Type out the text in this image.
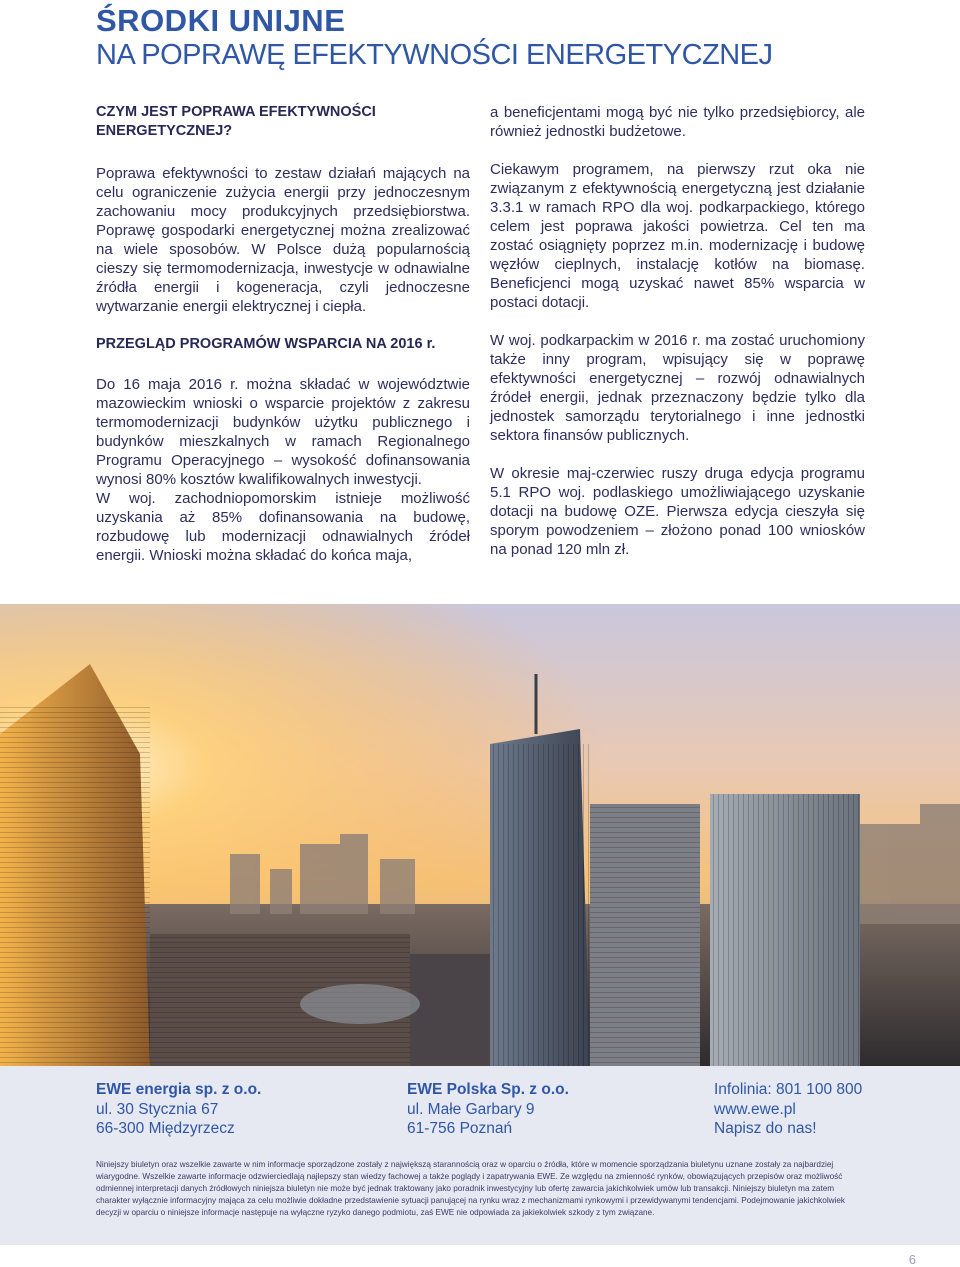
ŚRODKI UNIJNE
NA POPRAWĘ EFEKTYWNOŚCI ENERGETYCZNEJ
CZYM JEST POPRAWA EFEKTYWNOŚCI ENERGETYCZNEJ?

Poprawa efektywności to zestaw działań mających na celu ograniczenie zużycia energii przy jednoczesnym zachowaniu mocy produkcyjnych przedsiębiorstwa. Poprawę gospodarki energetycznej można zrealizować na wiele sposobów. W Polsce dużą popularnością cieszy się termomodernizacja, inwestycje w odnawialne źródła energii i kogeneracja, czyli jednoczesne wytwarzanie energii elektrycznej i ciepła.

PRZEGLĄD PROGRAMÓW WSPARCIA NA 2016 r.

Do 16 maja 2016 r. można składać w województwie mazowieckim wnioski o wsparcie projektów z zakresu termomodernizacji budynków użytku publicznego i budynków mieszkalnych w ramach Regionalnego Programu Operacyjnego – wysokość dofinansowania wynosi 80% kosztów kwalifikowalnych inwestycji.

W woj. zachodniopomorskim istnieje możliwość uzyskania aż 85% dofinansowania na budowę, rozbudowę lub modernizacji odnawialnych źródeł energii. Wnioski można składać do końca maja,

a beneficjentami mogą być nie tylko przedsiębiorcy, ale również jednostki budżetowe.

Ciekawym programem, na pierwszy rzut oka nie związanym z efektywnością energetyczną jest działanie 3.3.1 w ramach RPO dla woj. podkarpackiego, którego celem jest poprawa jakości powietrza. Cel ten ma zostać osiągnięty poprzez m.in. modernizację i budowę węzłów cieplnych, instalację kotłów na biomasę. Beneficjenci mogą uzyskać nawet 85% wsparcia w postaci dotacji.

W woj. podkarpackim w 2016 r. ma zostać uruchomiony także inny program, wpisujący się w poprawę efektywności energetycznej – rozwój odnawialnych źródeł energii, jednak przeznaczony będzie tylko dla jednostek samorządu terytorialnego i inne jednostki sektora finansów publicznych.

W okresie maj-czerwiec ruszy druga edycja programu 5.1 RPO woj. podlaskiego umożliwiającego uzyskanie dotacji na budowę OZE. Pierwsza edycja cieszyła się sporym powodzeniem – złożono ponad 100 wniosków na ponad 120 mln zł.

EWE energia sp. z o.o.
ul. 30 Stycznia 67
66-300 Międzyrzecz
EWE Polska Sp. z o.o.
ul. Małe Garbary 9
61-756 Poznań
Infolinia: 801 100 800
www.ewe.pl
Napisz do nas!
Niniejszy biuletyn oraz wszelkie zawarte w nim informacje sporządzone zostały z największą starannością oraz w oparciu o źródła, które w momencie sporządzania biuletynu uznane zostały za najbardziej wiarygodne. Wszelkie zawarte informacje odzwierciedlają najlepszy stan wiedzy fachowej a także poglądy i zapatrywania EWE. Ze względu na zmienność rynków, obowiązujących przepisów oraz możliwość odmiennej interpretacji danych źródłowych niniejsza biuletyn nie może być jednak traktowany jako poradnik inwestycyjny lub ofertę zawarcia jakichkolwiek umów lub transakcji. Niniejszy biuletyn ma zatem charakter wyłącznie informacyjny mająca za celu możliwie dokładne przedstawienie sytuacji panującej na rynku wraz z mechanizmami rynkowymi i przewidywanymi tendencjami. Podejmowanie jakichkolwiek decyzji w oparciu o niniejsze informacje następuje na wyłączne ryzyko danego podmiotu, zaś EWE nie odpowiada za jakiekolwiek szkody z tym związane.
6
